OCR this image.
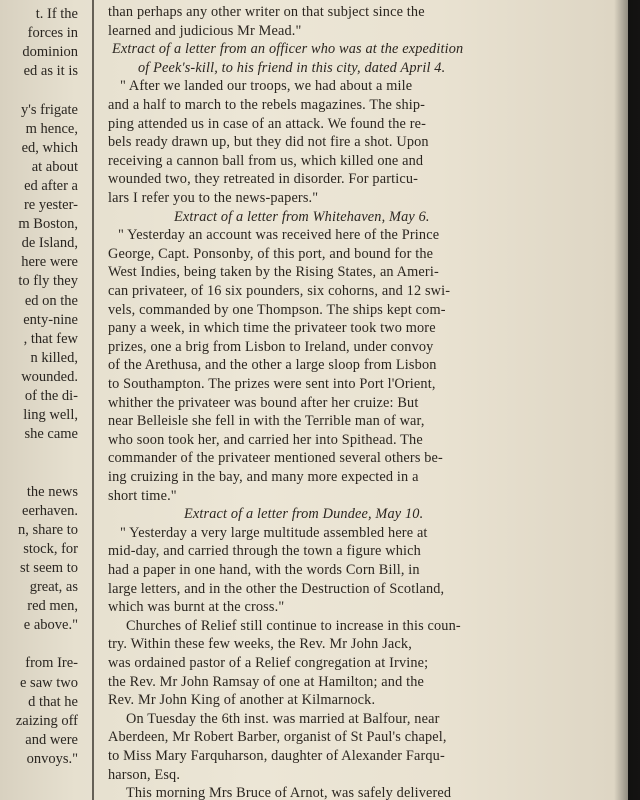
t. If the
forces in
dominion
ed as it is
y's frigate
m hence,
ed, which
at about
ed after a
re yester-
m Boston,
de Island,
here were
to fly they
ed on the
enty-nine
, that few
n killed,
wounded.
of the di-
ling well,
she came
the news
eerhaven.
n, share to
stock, for
st seem to
great, as
red men,
e above."
from Ire-
e saw two
d that he
zaizing off
and were
onvoys."
than perhaps any other writer on that subject since the
learned and judicious Mr Mead."
Extract of a letter from an officer who was at the expedition
of Peek's-kill, to his friend in this city, dated April 4.
" After we landed our troops, we had about a mile
and a half to march to the rebels magazines. The ship-
ping attended us in case of an attack. We found the re-
bels ready drawn up, but they did not fire a shot. Upon
receiving a cannon ball from us, which killed one and
wounded two, they retreated in disorder. For particu-
lars I refer you to the news-papers."
Extract of a letter from Whitehaven, May 6.
" Yesterday an account was received here of the Prince
George, Capt. Ponsonby, of this port, and bound for the
West Indies, being taken by the Rising States, an Ameri-
can privateer, of 16 six pounders, six cohorns, and 12 swi-
vels, commanded by one Thompson. The ships kept com-
pany a week, in which time the privateer took two more
prizes, one a brig from Lisbon to Ireland, under convoy
of the Arethusa, and the other a large sloop from Lisbon
to Southampton. The prizes were sent into Port l'Orient,
whither the privateer was bound after her cruize: But
near Belleisle she fell in with the Terrible man of war,
who soon took her, and carried her into Spithead. The
commander of the privateer mentioned several others be-
ing cruizing in the bay, and many more expected in a
short time."
Extract of a letter from Dundee, May 10.
" Yesterday a very large multitude assembled here at
mid-day, and carried through the town a figure which
had a paper in one hand, with the words Corn Bill, in
large letters, and in the other the Destruction of Scotland,
which was burnt at the cross."
Churches of Relief still continue to increase in this coun-
try. Within these few weeks, the Rev. Mr John Jack,
was ordained pastor of a Relief congregation at Irvine;
the Rev. Mr John Ramsay of one at Hamilton; and the
Rev. Mr John King of another at Kilmarnock.
On Tuesday the 6th inst. was married at Balfour, near
Aberdeen, Mr Robert Barber, organist of St Paul's chapel,
to Miss Mary Farquharson, daughter of Alexander Farqu-
harson, Esq.
This morning Mrs Bruce of Arnot, was safely delivered
